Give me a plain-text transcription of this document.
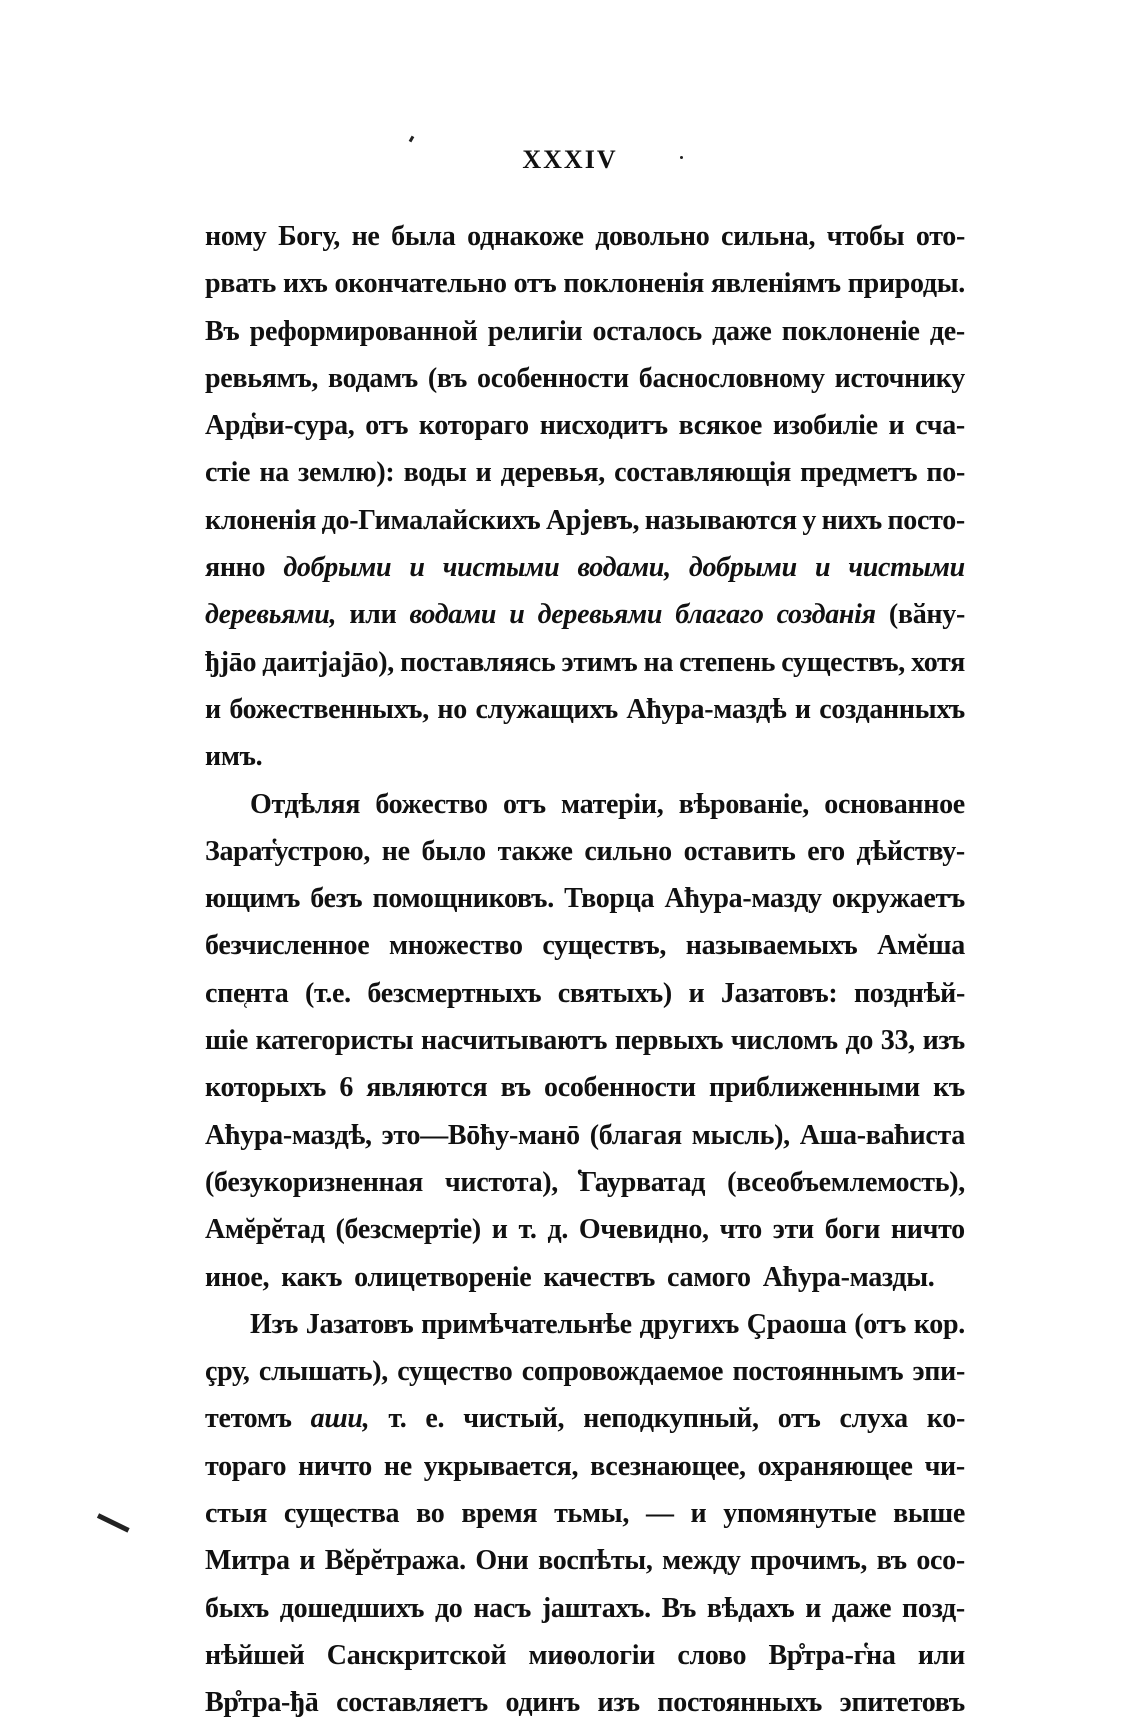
XXXIV
ному Богу, не была однакоже довольно сильна, чтобы ото-
рвать ихъ окончательно отъ поклоненія явленіямъ природы.
Въ реформированной религіи осталось даже поклоненіе де-
ревьямъ, водамъ (въ особенности баснословному источнику
Ард̔ви-сура, отъ котораго нисходитъ всякое изобиліе и сча-
стіе на землю): воды и деревья, составляющія предметъ по-
клоненія до-Гималайскихъ Арјевъ, называются у нихъ посто-
янно добрыми и чистыми водами, добрыми и чистыми
деревьями, или водами и деревьями благаго созданія (вӑну-
ђјāо даитјајāо), поставляясь этимъ на степень существъ, хотя
и божественныхъ, но служащихъ Аћура-маздѣ и созданныхъ
имъ.
Отдѣляя божество отъ матеріи, вѣрованіе, основанное
Зарат̔устрою, не было также сильно оставить его дѣйству-
ющимъ безъ помощниковъ. Творца Аћура-мазду окружаетъ
безчисленное множество существъ, называемыхъ Амĕша
спе̜нта (т.е. безсмертныхъ святыхъ) и Јазатовъ: позднѣй-
шіе категористы насчитываютъ первыхъ числомъ до 33, изъ
которыхъ 6 являются въ особенности приближенными къ
Аћура-маздѣ, это—Вōћу-манō (благая мысль), Аша-ваћиста
(безукоризненная чистота), ̔Гаурватад (всеобъемлемость),
Амĕрĕтад (безсмертіе) и т. д. Очевидно, что эти боги ничто
иное, какъ олицетвореніе качествъ самого Аћура-мазды.
Изъ Јазатовъ примѣчательнѣе другихъ Çраоша (отъ кор.
çру, слышать), существо сопровождаемое постояннымъ эпи-
тетомъ аши, т. е. чистый, неподкупный, отъ слуха ко-
тораго ничто не укрывается, всезнающее, охраняющее чи-
стыя существа во время тьмы, — и упомянутые выше
Митра и Вĕрĕтража. Они воспѣты, между прочимъ, въ осо-
быхъ дошедшихъ до насъ јаштахъ. Въ вѣдахъ и даже позд-
нѣйшей Санскритской миѳологіи слово Вр̊тра-г̔на или
Вр̊тра-ђā составляетъ одинъ изъ постоянныхъ эпитетовъ
